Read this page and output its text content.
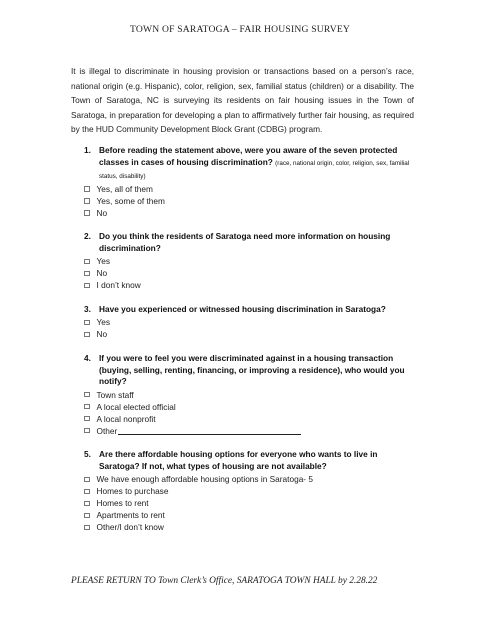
TOWN OF SARATOGA – FAIR HOUSING SURVEY
It is illegal to discriminate in housing provision or transactions based on a person’s race, national origin (e.g. Hispanic), color, religion, sex, familial status (children) or a disability. The Town of Saratoga, NC is surveying its residents on fair housing issues in the Town of Saratoga, in preparation for developing a plan to affirmatively further fair housing, as required by the HUD Community Development Block Grant (CDBG) program.
1. Before reading the statement above, were you aware of the seven protected classes in cases of housing discrimination? (race, national origin, color, religion, sex, familial status, disability)
Yes, all of them
Yes, some of them
No
2. Do you think the residents of Saratoga need more information on housing discrimination?
Yes
No
I don’t know
3. Have you experienced or witnessed housing discrimination in Saratoga?
Yes
No
4. If you were to feel you were discriminated against in a housing transaction (buying, selling, renting, financing, or improving a residence), who would you notify?
Town staff
A local elected official
A local nonprofit
Other
5. Are there affordable housing options for everyone who wants to live in Saratoga? If not, what types of housing are not available?
We have enough affordable housing options in Saratoga- 5
Homes to purchase
Homes to rent
Apartments to rent
Other/I don’t know
PLEASE RETURN TO Town Clerk’s Office, SARATOGA TOWN HALL by 2.28.22
